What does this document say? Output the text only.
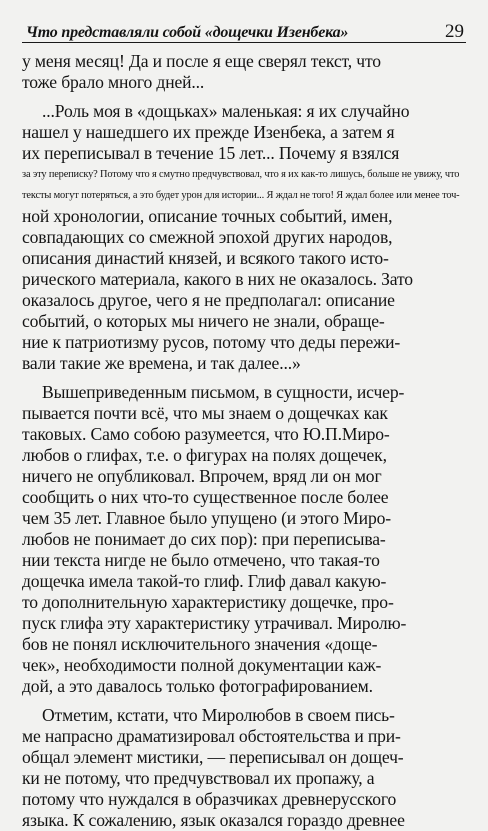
Что представляли собой «дощечки Изенбека»	29
у меня месяц! Да и после я еще сверял текст, что
тоже брало много дней...
...Роль моя в «дощьках» маленькая: я их случайно
нашел у нашедшего их прежде Изенбека, а затем я
их переписывал в течение 15 лет... Почему я взялся
за эту переписку? Потому что я смутно предчувствовал, что я их как-то лишусь, больше не увижу, что
тексты могут потеряться, а это будет урон для истории... Я ждал не того! Я ждал более или менее точ-
ной хронологии, описание точных событий, имен,
совпадающих со смежной эпохой других народов,
описания династий князей, и всякого такого исто-
рического материала, какого в них не оказалось. Зато
оказалось другое, чего я не предполагал: описание
событий, о которых мы ничего не знали, обраще-
ние к патриотизму русов, потому что деды пережи-
вали такие же времена, и так далее...»
Вышеприведенным письмом, в сущности, исчер-
пывается почти всё, что мы знаем о дощечках как
таковых. Само собою разумеется, что Ю.П.Миро-
любов о глифах, т.е. о фигурах на полях дощечек,
ничего не опубликовал. Впрочем, вряд ли он мог
сообщить о них что-то существенное после более
чем 35 лет. Главное было упущено (и этого Миро-
любов не понимает до сих пор): при переписыва-
нии текста нигде не было отмечено, что такая-то
дощечка имела такой-то глиф. Глиф давал какую-
то дополнительную характеристику дощечке, про-
пуск глифа эту характеристику утрачивал. Миролю-
бов не понял исключительного значения «доще-
чек», необходимости полной документации каж-
дой, а это давалось только фотографированием.
Отметим, кстати, что Миролюбов в своем пись-
ме напрасно драматизировал обстоятельства и при-
общал элемент мистики, — переписывал он дощеч-
ки не потому, что предчувствовал их пропажу, а
потому что нуждался в образчиках древнерусского
языка. К сожалению, язык оказался гораздо древнее
